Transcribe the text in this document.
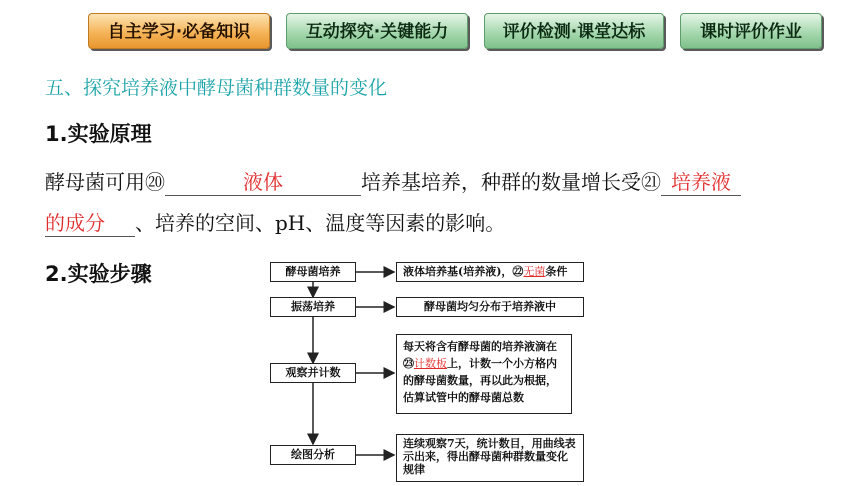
自主学习·必备知识	互动探究·关键能力	评价检测·课堂达标	课时评价作业
五、探究培养液中酵母菌种群数量的变化
1.实验原理
酵母菌可用⑳	液体	培养基培养，种群的数量增长受㉑ 培养液
的成分 、培养的空间、pH、温度等因素的影响。
2.实验步骤	酵母菌培养
振荡培养
观察并计数
绘图分析
液体培养基(培养液)，㉒无菌条件
酵母菌均匀分布于培养液中
每天将含有酵母菌的培养液滴在
㉓计数板上，计数一个小方格内
的酵母菌数量，再以此为根据，
估算试管中的酵母菌总数
连续观察7天，统计数目，用曲线表
示出来，得出酵母菌种群数量变化
规律
